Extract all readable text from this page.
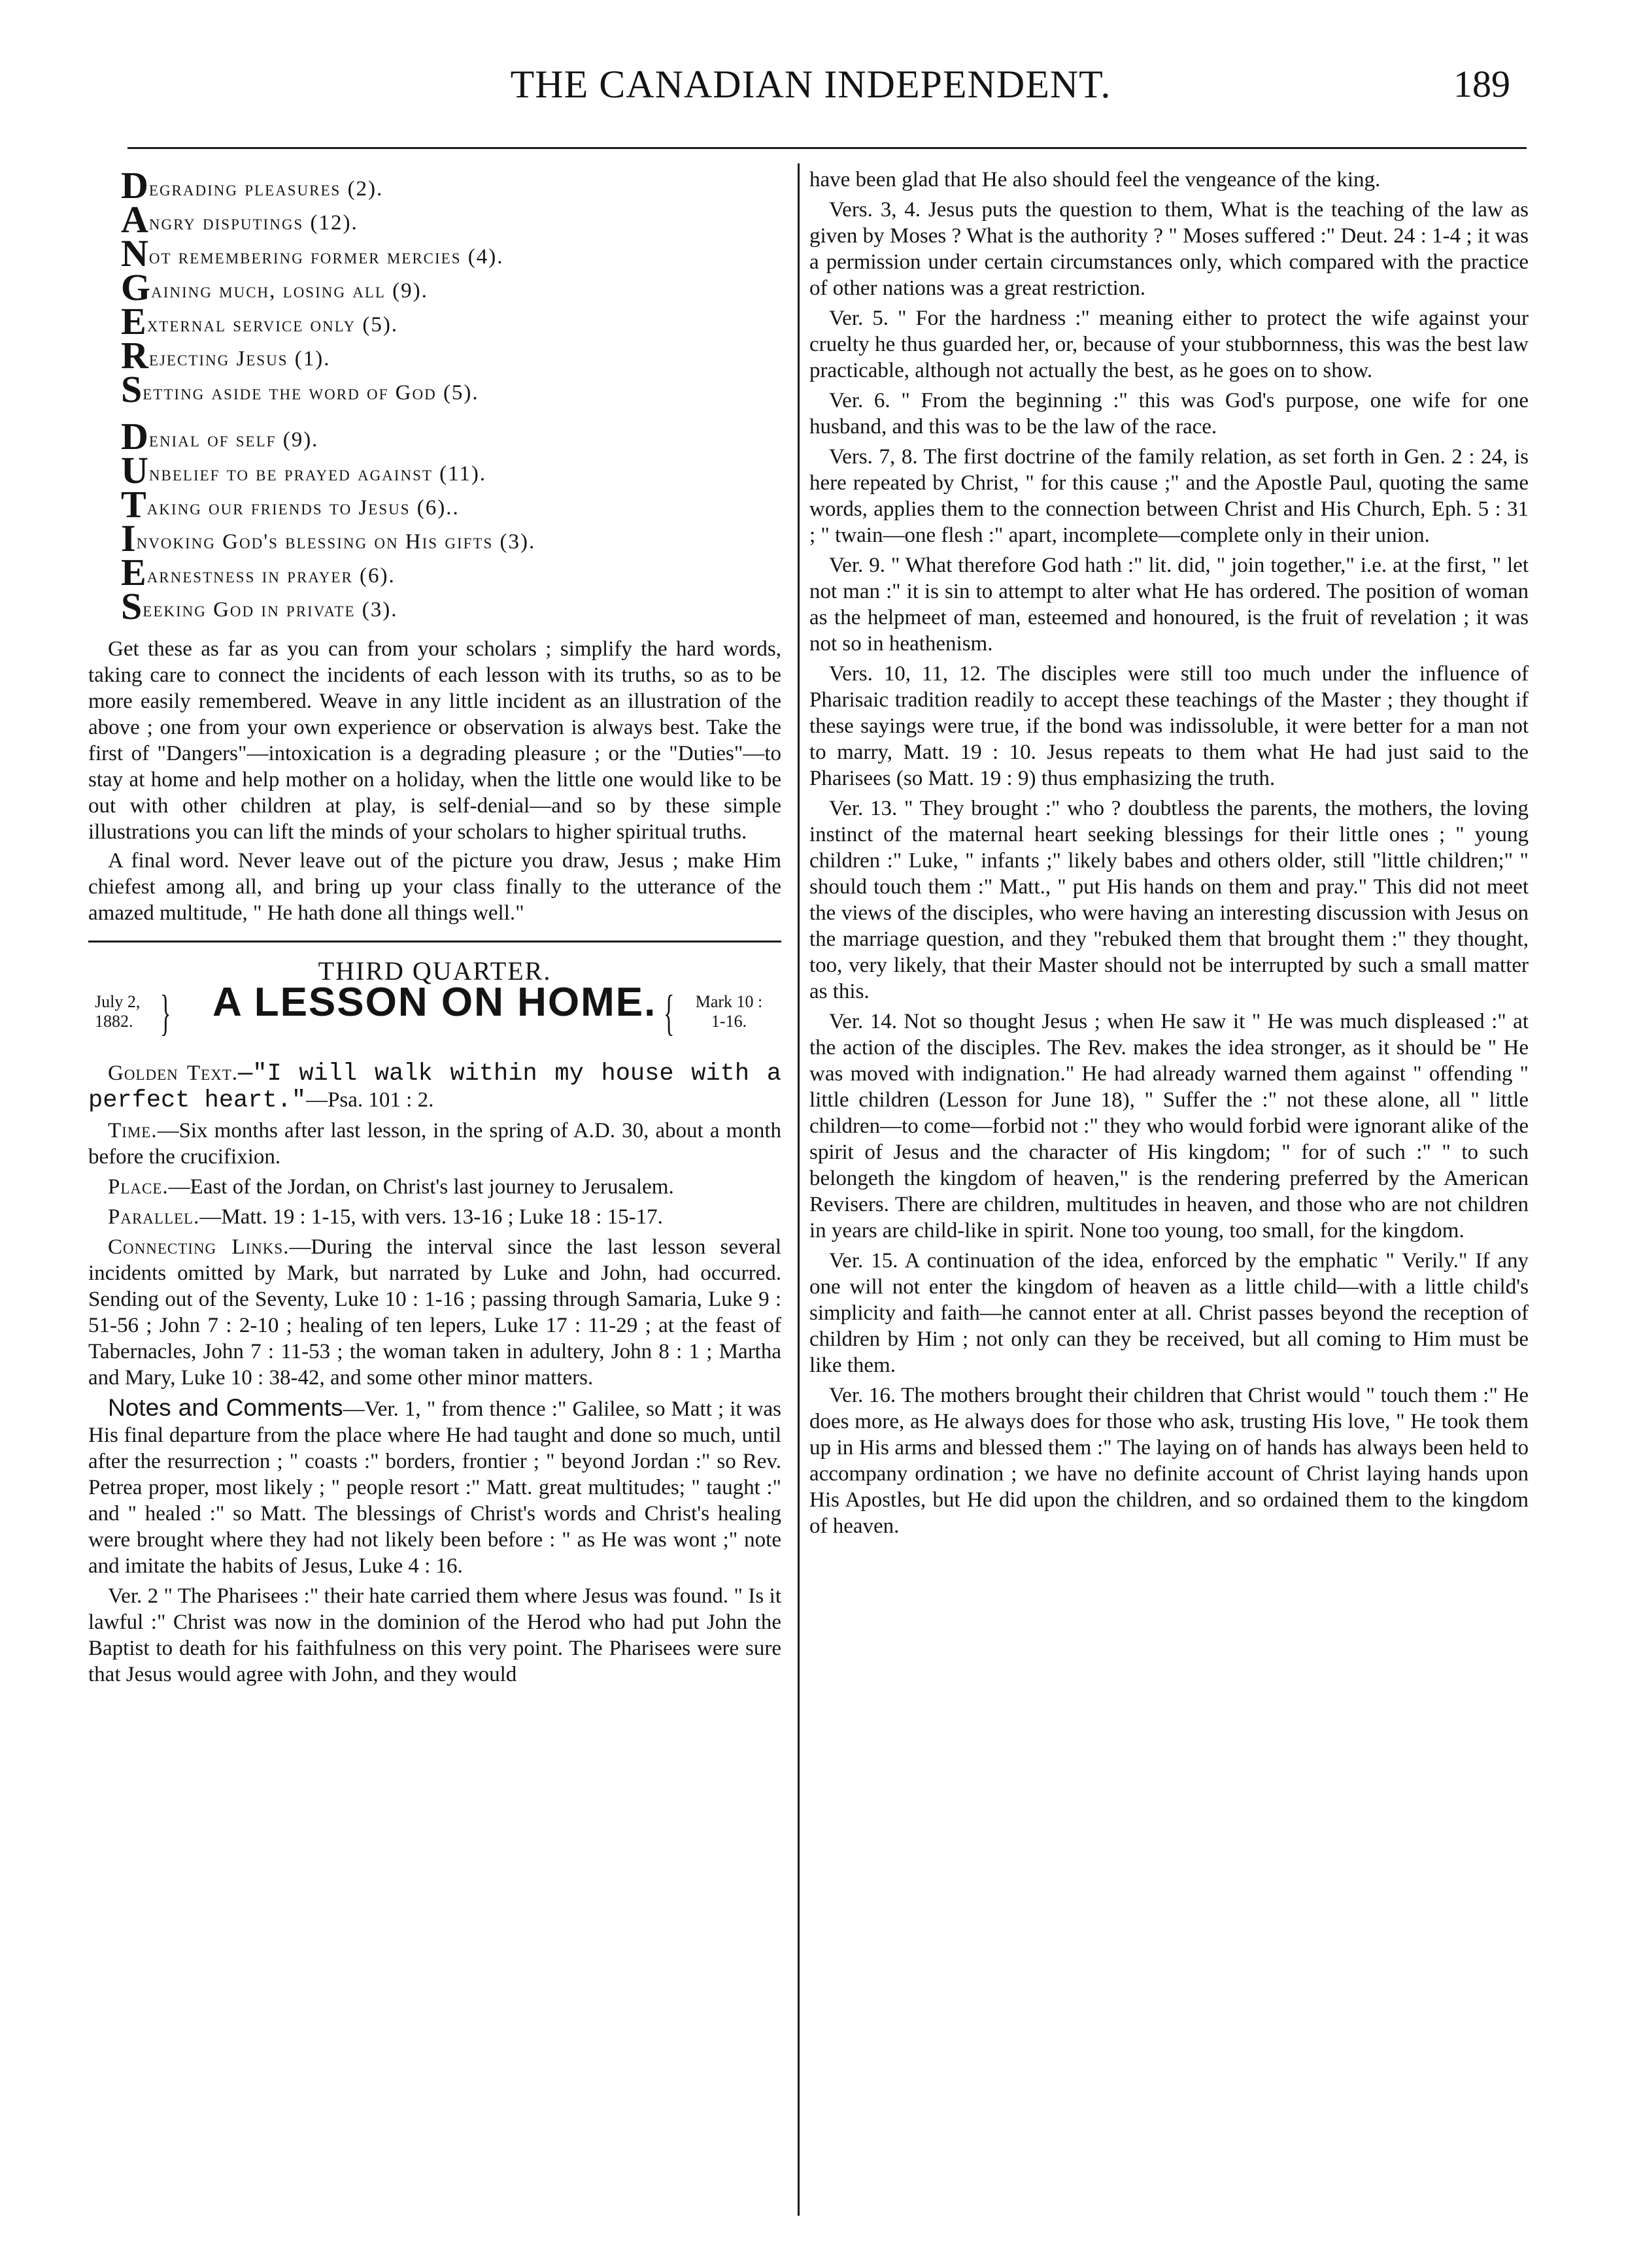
THE CANADIAN INDEPENDENT.	189
Degrading pleasures (2).
Angry disputings (12).
Not remembering former mercies (4).
Gaining much, losing all (9).
External service only (5).
Rejecting Jesus (1).
Setting aside the word of God (5).
Denial of self (9).
Unbelief to be prayed against (11).
Taking our friends to Jesus (6)..
Invoking God's blessing on His gifts (3).
Earnestness in prayer (6).
Seeking God in private (3).

Get these as far as you can from your scholars ; simplify the hard words, taking care to connect the incidents of each lesson with its truths, so as to be more easily remembered. Weave in any little incident as an illustration of the above ; one from your own experience or observation is always best. Take the first of "Dangers"—intoxication is a degrading pleasure ; or the "Duties"—to stay at home and help mother on a holiday, when the little one would like to be out with other children at play, is self-denial—and so by these simple illustrations you can lift the minds of your scholars to higher spiritual truths.

A final word. Never leave out of the picture you draw, Jesus ; make Him chiefest among all, and bring up your class finally to the utterance of the amazed multitude, " He hath done all things well."

THIRD QUARTER.
July 2,
1882. } A LESSON ON HOME. {	Mark 10 :
1-16.

Golden Text.—"I will walk within my house with a perfect heart."—Psa. 101 : 2.

Time.—Six months after last lesson, in the spring of A.D. 30, about a month before the crucifixion.

Place.—East of the Jordan, on Christ's last journey to Jerusalem.

Parallel.—Matt. 19 : 1-15, with vers. 13-16 ; Luke 18 : 15-17.

Connecting Links.—During the interval since the last lesson several incidents omitted by Mark, but narrated by Luke and John, had occurred. Sending out of the Seventy, Luke 10 : 1-16 ; passing through Samaria, Luke 9 : 51-56 ; John 7 : 2-10 ; healing of ten lepers, Luke 17 : 11-29 ; at the feast of Tabernacles, John 7 : 11-53 ; the woman taken in adultery, John 8 : 1 ; Martha and Mary, Luke 10 : 38-42, and some other minor matters.

Notes and Comments—Ver. 1, " from thence :" Galilee, so Matt ; it was His final departure from the place where He had taught and done so much, until after the resurrection ; " coasts :" borders, frontier ; " beyond Jordan :" so Rev. Petrea proper, most likely ; " people resort :" Matt. great multitudes; " taught :" and " healed :" so Matt. The blessings of Christ's words and Christ's healing were brought where they had not likely been before : " as He was wont ;" note and imitate the habits of Jesus, Luke 4 : 16.

Ver. 2 " The Pharisees :" their hate carried them where Jesus was found. " Is it lawful :" Christ was now in the dominion of the Herod who had put John the Baptist to death for his faithfulness on this very point. The Pharisees were sure that Jesus would agree with John, and they would

have been glad that He also should feel the vengeance of the king.

Vers. 3, 4. Jesus puts the question to them, What is the teaching of the law as given by Moses ? What is the authority ? " Moses suffered :" Deut. 24 : 1-4 ; it was a permission under certain circumstances only, which compared with the practice of other nations was a great restriction.

Ver. 5. " For the hardness :" meaning either to protect the wife against your cruelty he thus guarded her, or, because of your stubbornness, this was the best law practicable, although not actually the best, as he goes on to show.

Ver. 6. " From the beginning :" this was God's purpose, one wife for one husband, and this was to be the law of the race.

Vers. 7, 8. The first doctrine of the family relation, as set forth in Gen. 2 : 24, is here repeated by Christ, " for this cause ;" and the Apostle Paul, quoting the same words, applies them to the connection between Christ and His Church, Eph. 5 : 31 ; " twain—one flesh :" apart, incomplete—complete only in their union.

Ver. 9. " What therefore God hath :" lit. did, " join together," i.e. at the first, " let not man :" it is sin to attempt to alter what He has ordered. The position of woman as the helpmeet of man, esteemed and honoured, is the fruit of revelation ; it was not so in heathenism.

Vers. 10, 11, 12. The disciples were still too much under the influence of Pharisaic tradition readily to accept these teachings of the Master ; they thought if these sayings were true, if the bond was indissoluble, it were better for a man not to marry, Matt. 19 : 10. Jesus repeats to them what He had just said to the Pharisees (so Matt. 19 : 9) thus emphasizing the truth.

Ver. 13. " They brought :" who ? doubtless the parents, the mothers, the loving instinct of the maternal heart seeking blessings for their little ones ; " young children :" Luke, " infants ;" likely babes and others older, still "little children;" " should touch them :" Matt., " put His hands on them and pray." This did not meet the views of the disciples, who were having an interesting discussion with Jesus on the marriage question, and they "rebuked them that brought them :" they thought, too, very likely, that their Master should not be interrupted by such a small matter as this.

Ver. 14. Not so thought Jesus ; when He saw it " He was much displeased :" at the action of the disciples. The Rev. makes the idea stronger, as it should be " He was moved with indignation." He had already warned them against " offending " little children (Lesson for June 18), " Suffer the :" not these alone, all " little children—to come—forbid not :" they who would forbid were ignorant alike of the spirit of Jesus and the character of His kingdom; " for of such :" " to such belongeth the kingdom of heaven," is the rendering preferred by the American Revisers. There are children, multitudes in heaven, and those who are not children in years are child-like in spirit. None too young, too small, for the kingdom.

Ver. 15. A continuation of the idea, enforced by the emphatic " Verily." If any one will not enter the kingdom of heaven as a little child—with a little child's simplicity and faith—he cannot enter at all. Christ passes beyond the reception of children by Him ; not only can they be received, but all coming to Him must be like them.

Ver. 16. The mothers brought their children that Christ would " touch them :" He does more, as He always does for those who ask, trusting His love, " He took them up in His arms and blessed them :" The laying on of hands has always been held to accompany ordination ; we have no definite account of Christ laying hands upon His Apostles, but He did upon the children, and so ordained them to the kingdom of heaven.
